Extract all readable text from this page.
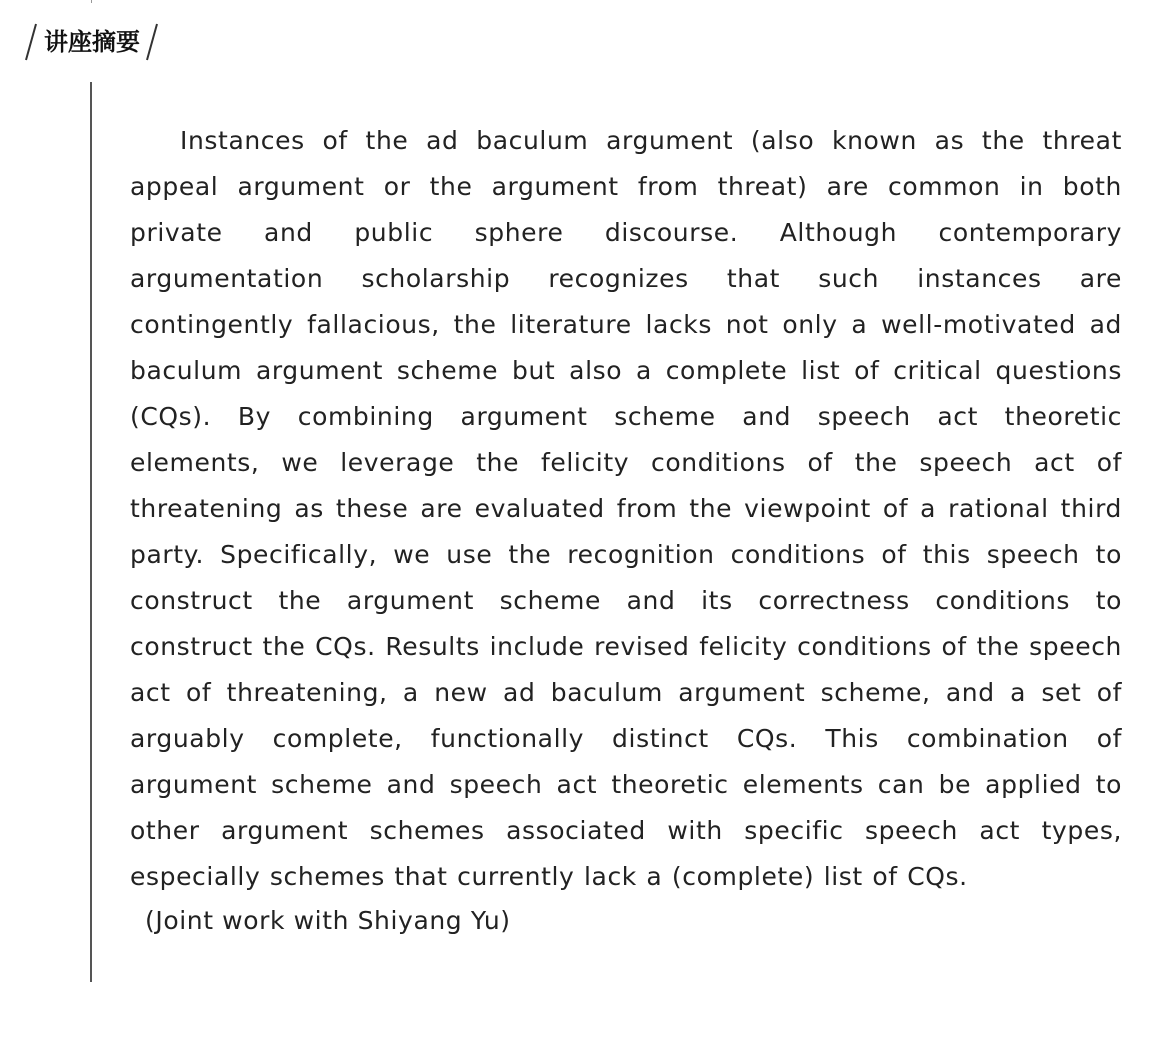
讲座摘要

Instances of the ad baculum argument (also known as the threat appeal argument or the argument from threat) are common in both private and public sphere discourse. Although contemporary argumentation scholarship recognizes that such instances are contingently fallacious, the literature lacks not only a well-motivated ad baculum argument scheme but also a complete list of critical questions (CQs). By combining argument scheme and speech act theoretic elements, we leverage the felicity conditions of the speech act of threatening as these are evaluated from the viewpoint of a rational third party. Specifically, we use the recognition conditions of this speech to construct the argument scheme and its correctness conditions to construct the CQs. Results include revised felicity conditions of the speech act of threatening, a new ad baculum argument scheme, and a set of arguably complete, functionally distinct CQs. This combination of argument scheme and speech act theoretic elements can be applied to other argument schemes associated with specific speech act types, especially schemes that currently lack a (complete) list of CQs.

(Joint work with Shiyang Yu)
